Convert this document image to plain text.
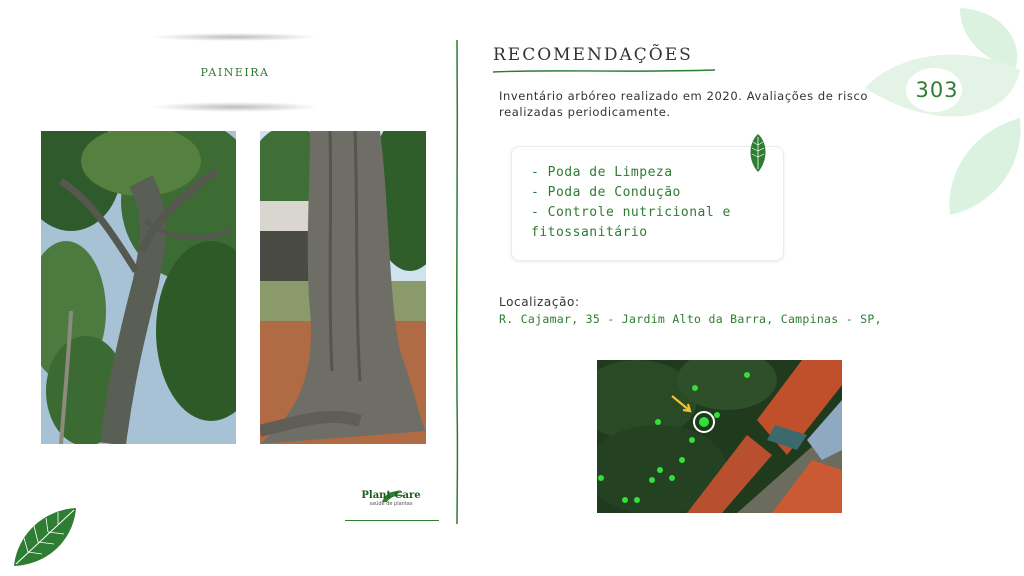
303
PAINEIRA
RECOMENDAÇÕES
Inventário arbóreo realizado em 2020. Avaliações de risco realizadas periodicamente.
- Poda de Limpeza
- Poda de Condução
- Controle nutricional e
fitossanitário
Localização:
R. Cajamar, 35 - Jardim Alto da Barra, Campinas - SP,
Plant Care
saúde de plantas
